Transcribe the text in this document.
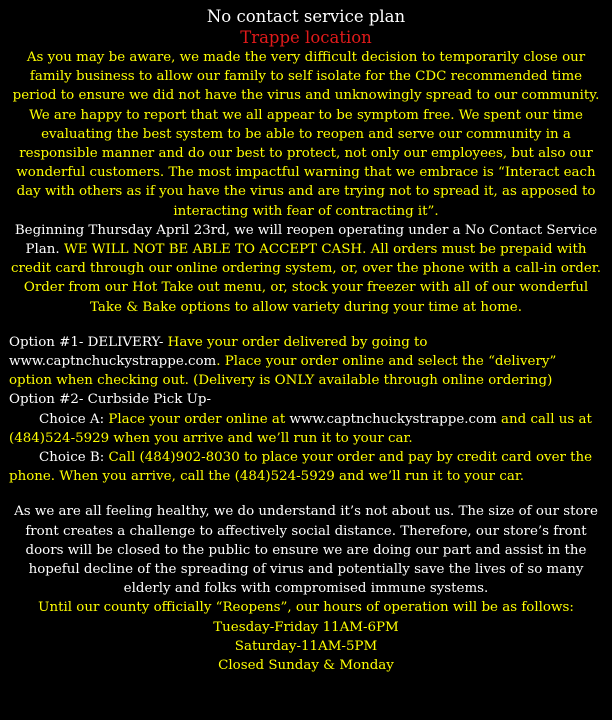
No contact service plan
Trappe location

As you may be aware, we made the very difficult decision to temporarily close our family business to allow our family to self isolate for the CDC recommended time period to ensure we did not have the virus and unknowingly spread to our community. We are happy to report that we all appear to be symptom free. We spent our time evaluating the best system to be able to reopen and serve our community in a responsible manner and do our best to protect, not only our employees, but also our wonderful customers. The most impactful warning that we embrace is “Interact each day with others as if you have the virus and are trying not to spread it, as apposed to interacting with fear of contracting it”.

Beginning Thursday April 23rd, we will reopen operating under a No Contact Service Plan. WE WILL NOT BE ABLE TO ACCEPT CASH. All orders must be prepaid with credit card through our online ordering system, or, over the phone with a call-in order. Order from our Hot Take out menu, or, stock your freezer with all of our wonderful Take & Bake options to allow variety during your time at home.

Option #1- DELIVERY- Have your order delivered by going to www.captnchuckystrappe.com. Place your order online and select the “delivery” option when checking out. (Delivery is ONLY available through online ordering)

Option #2- Curbside Pick Up-

Choice A: Place your order online at www.captnchuckystrappe.com and call us at (484)524-5929 when you arrive and we’ll run it to your car.

Choice B: Call (484)902-8030 to place your order and pay by credit card over the phone. When you arrive, call the (484)524-5929 and we’ll run it to your car.

As we are all feeling healthy, we do understand it’s not about us. The size of our store front creates a challenge to affectively social distance. Therefore, our store’s front doors will be closed to the public to ensure we are doing our part and assist in the hopeful decline of the spreading of virus and potentially save the lives of so many elderly and folks with compromised immune systems.

Until our county officially “Reopens”, our hours of operation will be as follows:

Tuesday-Friday 11AM-6PM

Saturday-11AM-5PM

Closed Sunday & Monday
